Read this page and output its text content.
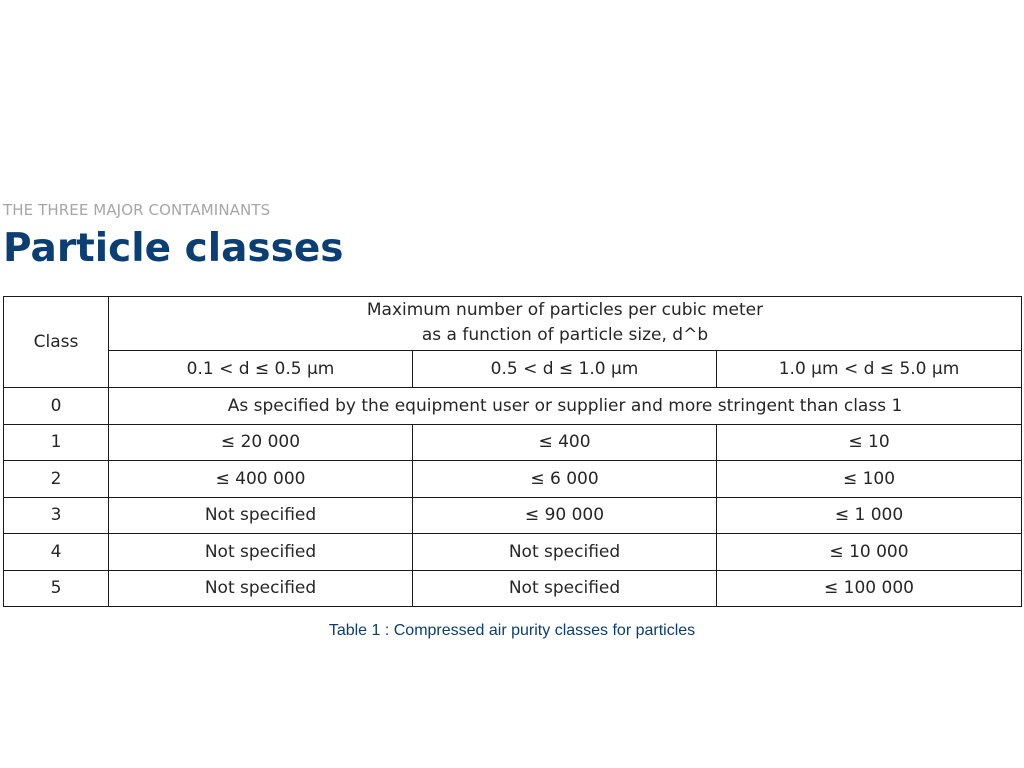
THE THREE MAJOR CONTAMINANTS
Particle classes
Class	Maximum number of particles per cubic meter
as a function of particle size, d^b		

	0.1 < d ≤ 0.5 μm	0.5 < d ≤ 1.0 μm	1.0 μm < d ≤ 5.0 μm
0	As specified by the equipment user or supplier and more stringent than class 1		
1	≤ 20 000	≤ 400	≤ 10
2	≤ 400 000	≤ 6 000	≤ 100
3	Not specified	≤ 90 000	≤ 1 000
4	Not specified	Not specified	≤ 10 000
5	Not specified	Not specified	≤ 100 000
Table 1 : Compressed air purity classes for particles
